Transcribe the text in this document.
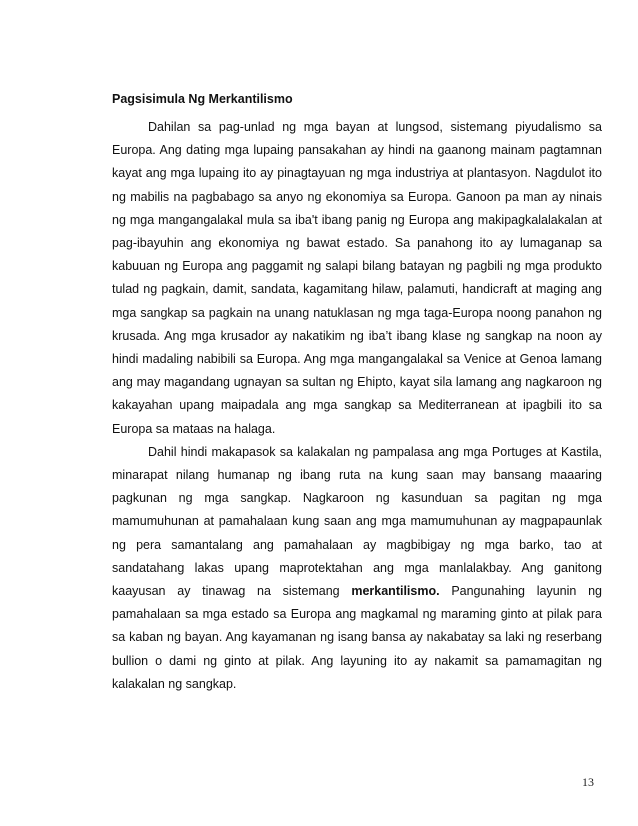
Pagsisimula Ng Merkantilismo

Dahilan sa pag-unlad ng mga bayan at lungsod, sistemang piyudalismo sa Europa. Ang dating mga lupaing pansakahan ay hindi na gaanong mainam pagtamnan kayat ang mga lupaing ito ay pinagtayuan ng mga industriya at plantasyon. Nagdulot ito ng mabilis na pagbabago sa anyo ng ekonomiya sa Europa. Ganoon pa man ay ninais ng mga mangangalakal mula sa iba't ibang panig ng Europa ang makipagkalalakalan at pag-ibayuhin ang ekonomiya ng bawat estado. Sa panahong ito ay lumaganap sa kabuuan ng Europa ang paggamit ng salapi bilang batayan ng pagbili ng mga produkto tulad ng pagkain, damit, sandata, kagamitang hilaw, palamuti, handicraft at maging ang mga sangkap sa pagkain na unang natuklasan ng mga taga-Europa noong panahon ng krusada. Ang mga krusador ay nakatikim ng iba’t ibang klase ng sangkap na noon ay hindi madaling nabibili sa Europa. Ang mga mangangalakal sa Venice at Genoa lamang ang may magandang ugnayan sa sultan ng Ehipto, kayat sila lamang ang nagkaroon ng kakayahan upang maipadala ang mga sangkap sa Mediterranean at ipagbili ito sa Europa sa mataas na halaga.

Dahil hindi makapasok sa kalakalan ng pampalasa ang mga Portuges at Kastila, minarapat nilang humanap ng ibang ruta na kung saan may bansang maaaring pagkunan ng mga sangkap. Nagkaroon ng kasunduan sa pagitan ng mga mamumuhunan at pamahalaan kung saan ang mga mamumuhunan ay magpapaunlak ng pera samantalang ang pamahalaan ay magbibigay ng mga barko, tao at sandatahang lakas upang maprotektahan ang mga manlalakbay. Ang ganitong kaayusan ay tinawag na sistemang merkantilismo. Pangunahing layunin ng pamahalaan sa mga estado sa Europa ang magkamal ng maraming ginto at pilak para sa kaban ng bayan. Ang kayamanan ng isang bansa ay nakabatay sa laki ng reserbang bullion o dami ng ginto at pilak. Ang layuning ito ay nakamit sa pamamagitan ng kalakalan ng sangkap.

13
